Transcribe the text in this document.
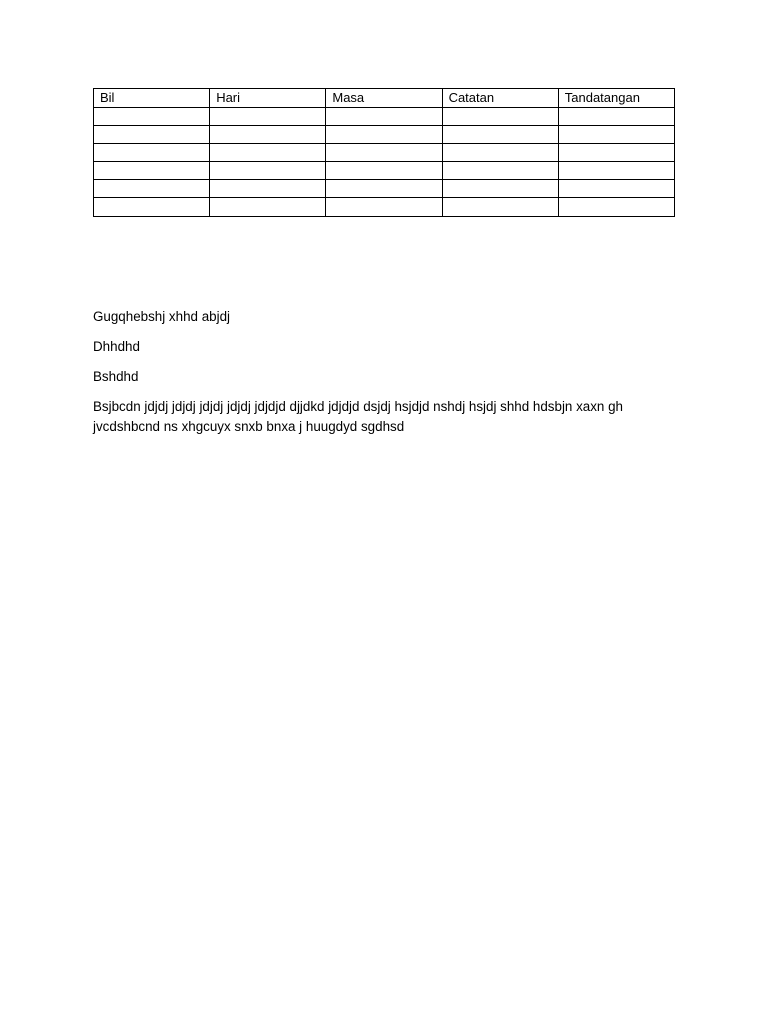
Bil	Hari	Masa	Catatan	Tandatangan

Gugqhebshj xhhd abjdj

Dhhdhd

Bshdhd

Bsjbcdn jdjdj jdjdj jdjdj jdjdj jdjdjd djjdkd jdjdjd dsjdj hsjdjd nshdj hsjdj shhd hdsbjn xaxn gh jvcdshbcnd ns xhgcuyx snxb bnxa j huugdyd sgdhsd
